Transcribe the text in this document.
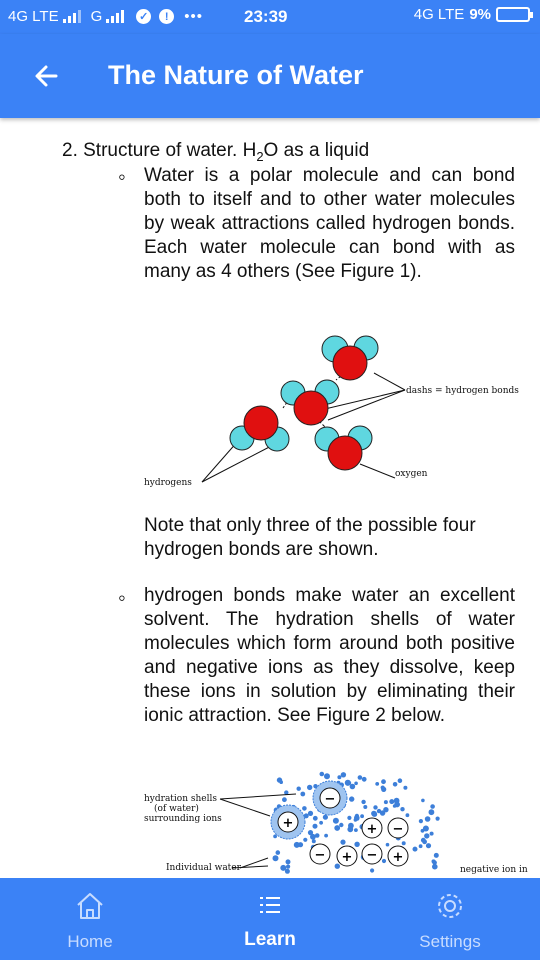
4G LTE G	✓	!	••• 23:39	4G LTE 9%
The Nature of Water
2. Structure of water. $H_2O$ as a liquid
◦ Water is a polar molecule and can bond both to itself and to other water molecules by weak attractions called hydrogen bonds. Each water molecule can bond with as many as 4 others (See Figure 1).
dashs = hydrogen bonds
oxygen
hydrogens
Note that only three of the possible four hydrogen bonds are shown.
◦ hydrogen bonds make water an excellent solvent. The hydration shells of water molecules which form around both positive and negative ions as they dissolve, keep these ions in solution by eliminating their ionic attraction. See Figure 2 below.
+
−
+ −
− + − +
hydration shells
(of water)
surrounding ions
Individual water	negative ion in
Home	Learn	Settings
